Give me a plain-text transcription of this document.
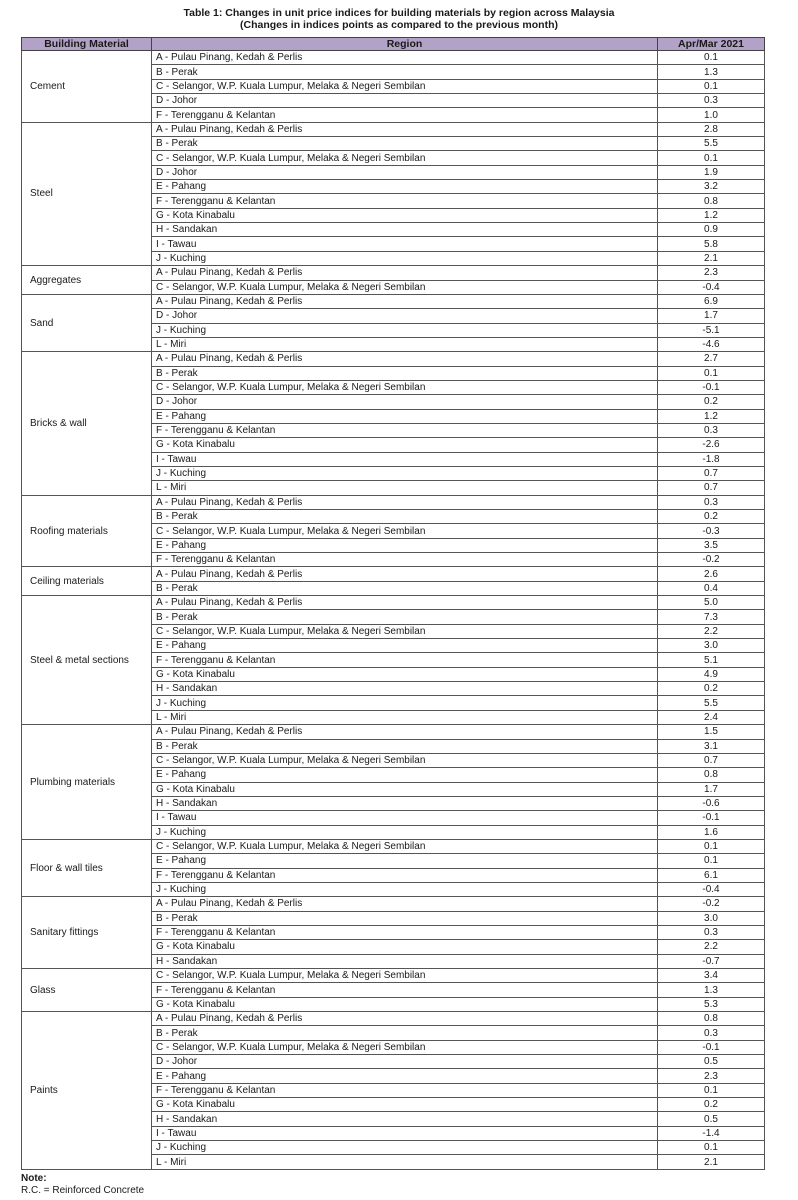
Table 1: Changes in unit price indices for building materials by region across Malaysia
(Changes in indices points as compared to the previous month)
Building Material	Region	Apr/Mar 2021
Cement	A - Pulau Pinang, Kedah & Perlis	0.1
	B - Perak	1.3
	C - Selangor, W.P. Kuala Lumpur, Melaka & Negeri Sembilan	0.1
	D - Johor	0.3
	F - Terengganu & Kelantan	1.0
Steel	A - Pulau Pinang, Kedah & Perlis	2.8
	B - Perak	5.5
	C - Selangor, W.P. Kuala Lumpur, Melaka & Negeri Sembilan	0.1
	D - Johor	1.9
	E - Pahang	3.2
	F - Terengganu & Kelantan	0.8
	G - Kota Kinabalu	1.2
	H - Sandakan	0.9
	I - Tawau	5.8
	J - Kuching	2.1
Aggregates	A - Pulau Pinang, Kedah & Perlis	2.3
	C - Selangor, W.P. Kuala Lumpur, Melaka & Negeri Sembilan	-0.4
Sand	A - Pulau Pinang, Kedah & Perlis	6.9
	D - Johor	1.7
	J - Kuching	-5.1
	L - Miri	-4.6
Bricks & wall	A - Pulau Pinang, Kedah & Perlis	2.7
	B - Perak	0.1
	C - Selangor, W.P. Kuala Lumpur, Melaka & Negeri Sembilan	-0.1
	D - Johor	0.2
	E - Pahang	1.2
	F - Terengganu & Kelantan	0.3
	G - Kota Kinabalu	-2.6
	I - Tawau	-1.8
	J - Kuching	0.7
	L - Miri	0.7
Roofing materials	A - Pulau Pinang, Kedah & Perlis	0.3
	B - Perak	0.2
	C - Selangor, W.P. Kuala Lumpur, Melaka & Negeri Sembilan	-0.3
	E - Pahang	3.5
	F - Terengganu & Kelantan	-0.2
Ceiling materials	A - Pulau Pinang, Kedah & Perlis	2.6
	B - Perak	0.4
Steel & metal sections	A - Pulau Pinang, Kedah & Perlis	5.0
	B - Perak	7.3
	C - Selangor, W.P. Kuala Lumpur, Melaka & Negeri Sembilan	2.2
	E - Pahang	3.0
	F - Terengganu & Kelantan	5.1
	G - Kota Kinabalu	4.9
	H - Sandakan	0.2
	J - Kuching	5.5
	L - Miri	2.4
Plumbing materials	A - Pulau Pinang, Kedah & Perlis	1.5
	B - Perak	3.1
	C - Selangor, W.P. Kuala Lumpur, Melaka & Negeri Sembilan	0.7
	E - Pahang	0.8
	G - Kota Kinabalu	1.7
	H - Sandakan	-0.6
	I - Tawau	-0.1
	J - Kuching	1.6
Floor & wall tiles	C - Selangor, W.P. Kuala Lumpur, Melaka & Negeri Sembilan	0.1
	E - Pahang	0.1
	F - Terengganu & Kelantan	6.1
	J - Kuching	-0.4
Sanitary fittings	A - Pulau Pinang, Kedah & Perlis	-0.2
	B - Perak	3.0
	F - Terengganu & Kelantan	0.3
	G - Kota Kinabalu	2.2
	H - Sandakan	-0.7
Glass	C - Selangor, W.P. Kuala Lumpur, Melaka & Negeri Sembilan	3.4
	F - Terengganu & Kelantan	1.3
	G - Kota Kinabalu	5.3
Paints	A - Pulau Pinang, Kedah & Perlis	0.8
	B - Perak	0.3
	C - Selangor, W.P. Kuala Lumpur, Melaka & Negeri Sembilan	-0.1
	D - Johor	0.5
	E - Pahang	2.3
	F - Terengganu & Kelantan	0.1
	G - Kota Kinabalu	0.2
	H - Sandakan	0.5
	I - Tawau	-1.4
	J - Kuching	0.1
	L - Miri	2.1
Note:
R.C. = Reinforced Concrete
